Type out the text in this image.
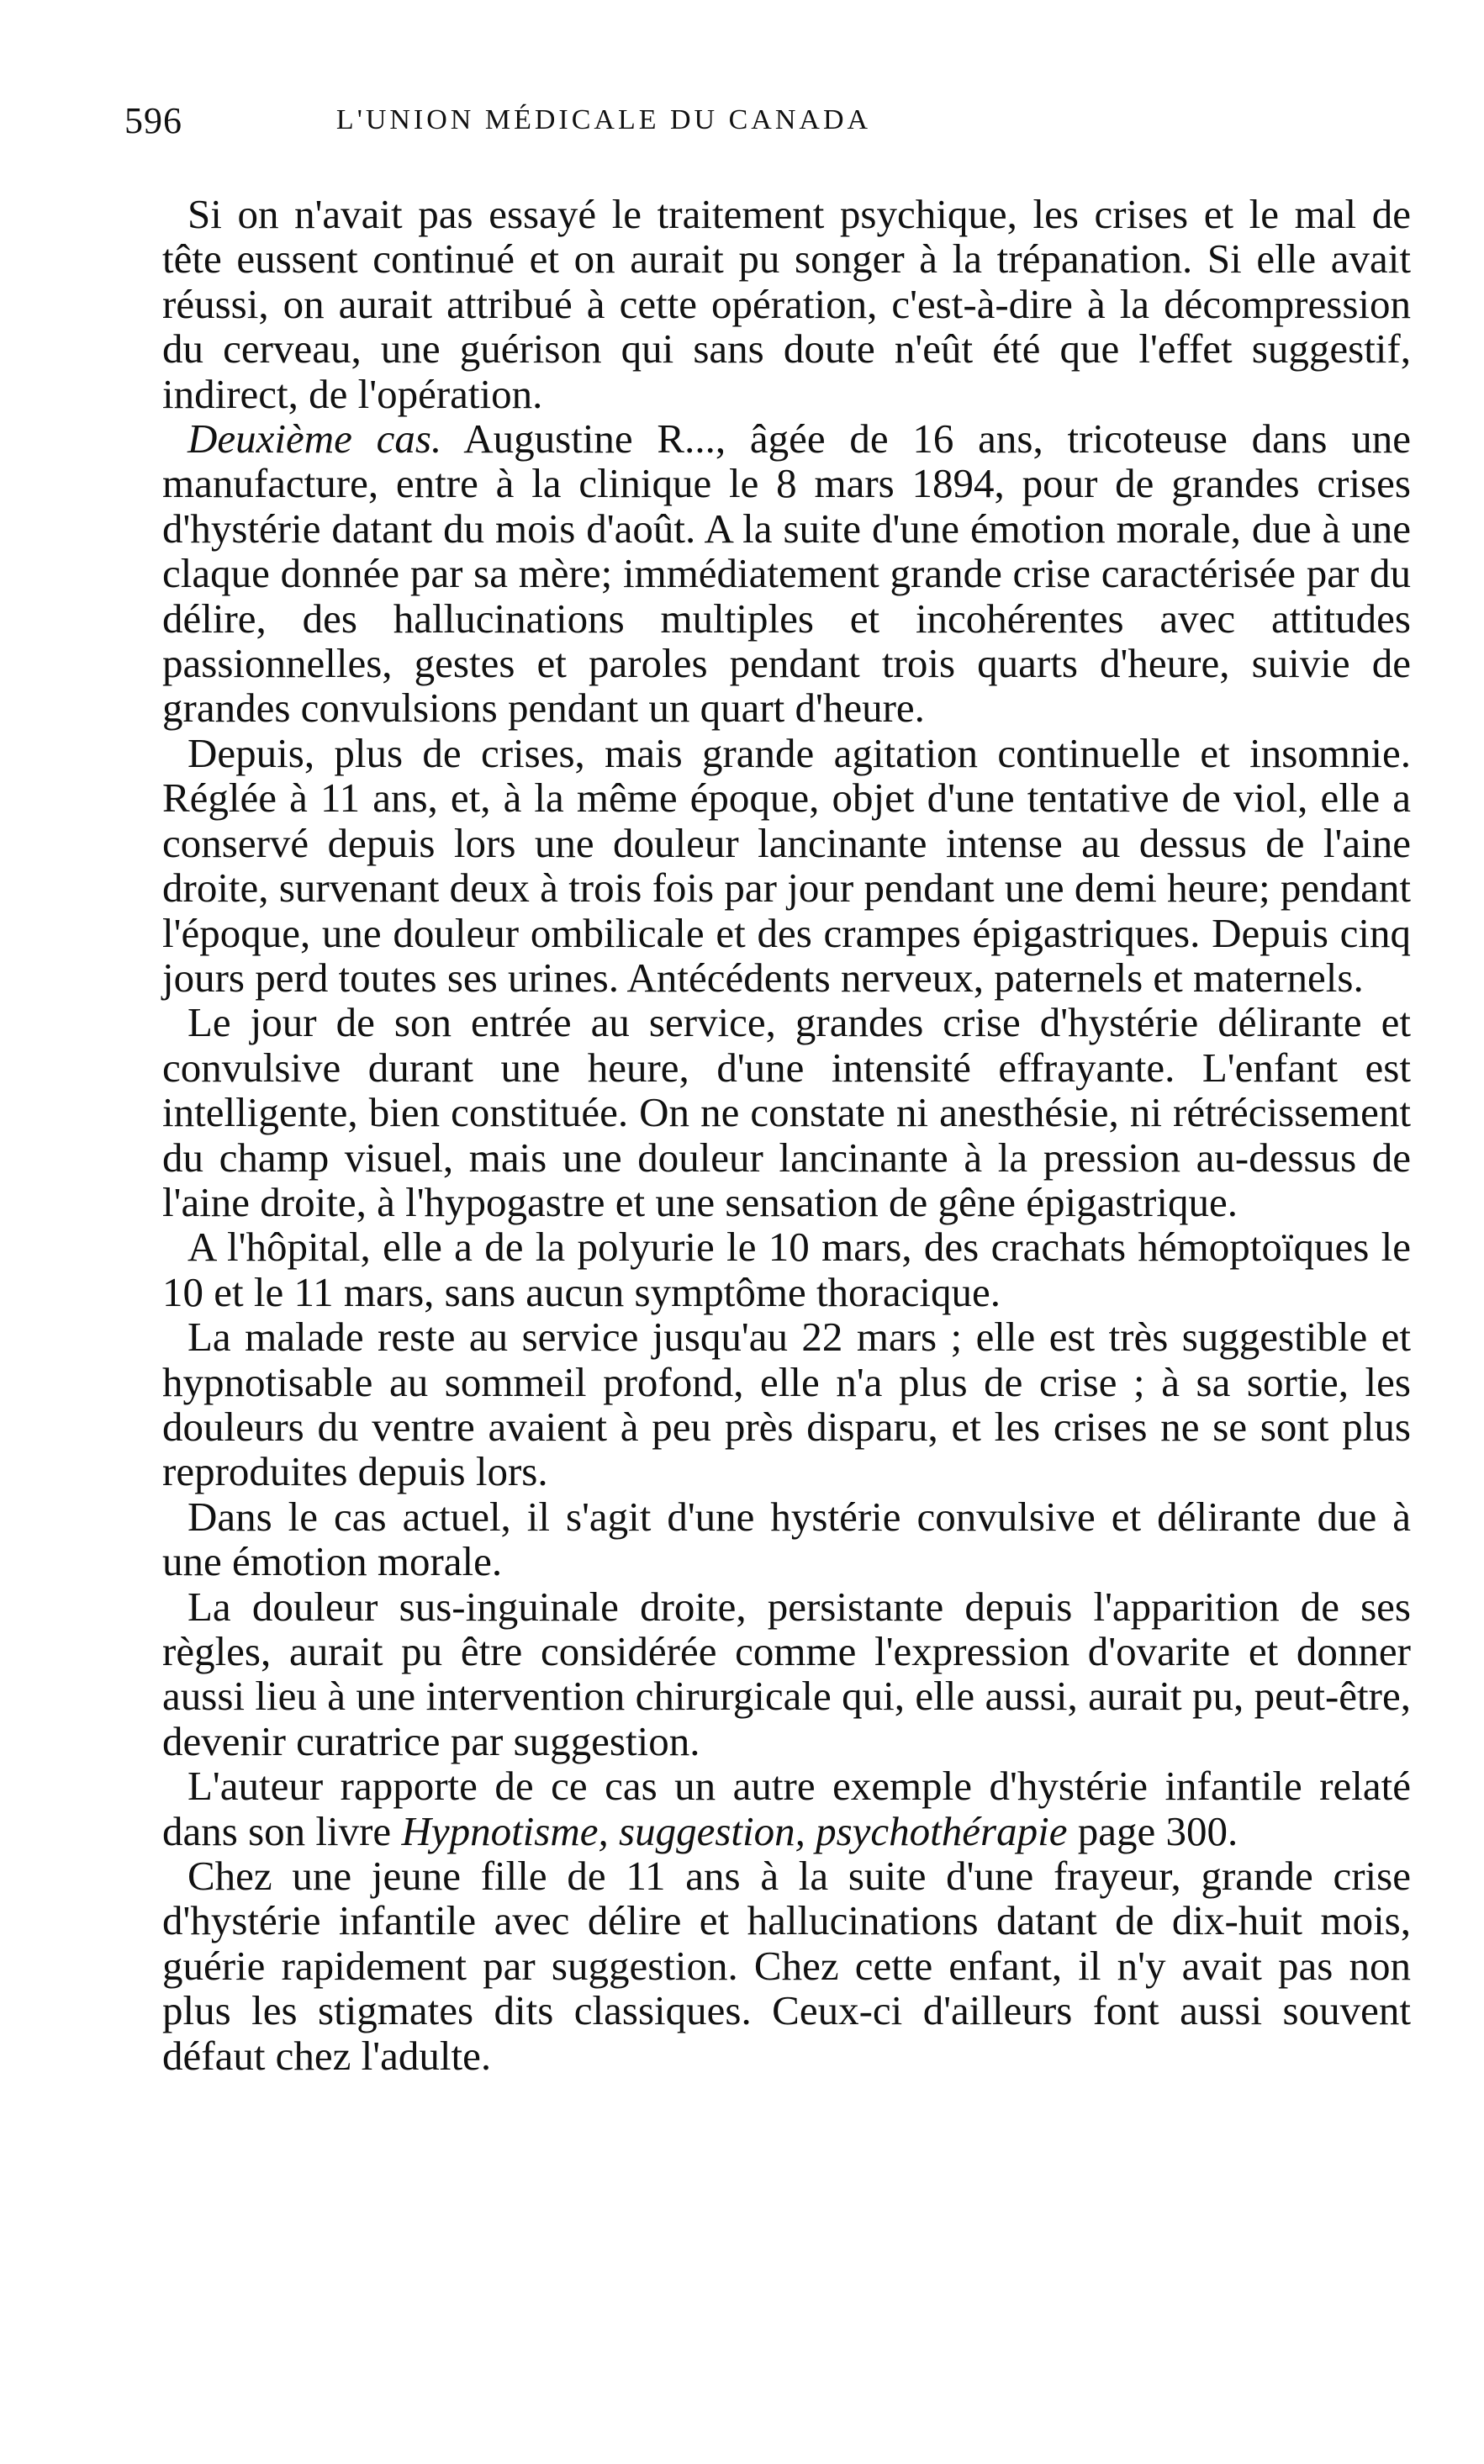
596	L'UNION MÉDICALE DU CANADA

Si on n'avait pas essayé le traitement psychique, les crises et le mal de tête eussent continué et on aurait pu songer à la trépanation. Si elle avait réussi, on aurait attribué à cette opération, c'est-à-dire à la décompression du cerveau, une guérison qui sans doute n'eût été que l'effet suggestif, indirect, de l'opération.

Deuxième cas. Augustine R..., âgée de 16 ans, tricoteuse dans une manufacture, entre à la clinique le 8 mars 1894, pour de grandes crises d'hystérie datant du mois d'août. A la suite d'une émotion morale, due à une claque donnée par sa mère; immédiatement grande crise caractérisée par du délire, des hallucinations multiples et incohérentes avec attitudes passionnelles, gestes et paroles pendant trois quarts d'heure, suivie de grandes convulsions pendant un quart d'heure.

Depuis, plus de crises, mais grande agitation continuelle et insomnie. Réglée à 11 ans, et, à la même époque, objet d'une tentative de viol, elle a conservé depuis lors une douleur lancinante intense au dessus de l'aine droite, survenant deux à trois fois par jour pendant une demi heure; pendant l'époque, une douleur ombilicale et des crampes épigastriques. Depuis cinq jours perd toutes ses urines. Antécédents nerveux, paternels et maternels.

Le jour de son entrée au service, grandes crise d'hystérie délirante et convulsive durant une heure, d'une intensité effrayante. L'enfant est intelligente, bien constituée. On ne constate ni anesthésie, ni rétrécissement du champ visuel, mais une douleur lancinante à la pression au-dessus de l'aine droite, à l'hypogastre et une sensation de gêne épigastrique.

A l'hôpital, elle a de la polyurie le 10 mars, des crachats hémoptoïques le 10 et le 11 mars, sans aucun symptôme thoracique.

La malade reste au service jusqu'au 22 mars ; elle est très suggestible et hypnotisable au sommeil profond, elle n'a plus de crise ; à sa sortie, les douleurs du ventre avaient à peu près disparu, et les crises ne se sont plus reproduites depuis lors.

Dans le cas actuel, il s'agit d'une hystérie convulsive et délirante due à une émotion morale.

La douleur sus-inguinale droite, persistante depuis l'apparition de ses règles, aurait pu être considérée comme l'expression d'ovarite et donner aussi lieu à une intervention chirurgicale qui, elle aussi, aurait pu, peut-être, devenir curatrice par suggestion.

L'auteur rapporte de ce cas un autre exemple d'hystérie infantile relaté dans son livre Hypnotisme, suggestion, psychothérapie page 300.

Chez une jeune fille de 11 ans à la suite d'une frayeur, grande crise d'hystérie infantile avec délire et hallucinations datant de dix-huit mois, guérie rapidement par suggestion. Chez cette enfant, il n'y avait pas non plus les stigmates dits classiques. Ceux-ci d'ailleurs font aussi souvent défaut chez l'adulte.
